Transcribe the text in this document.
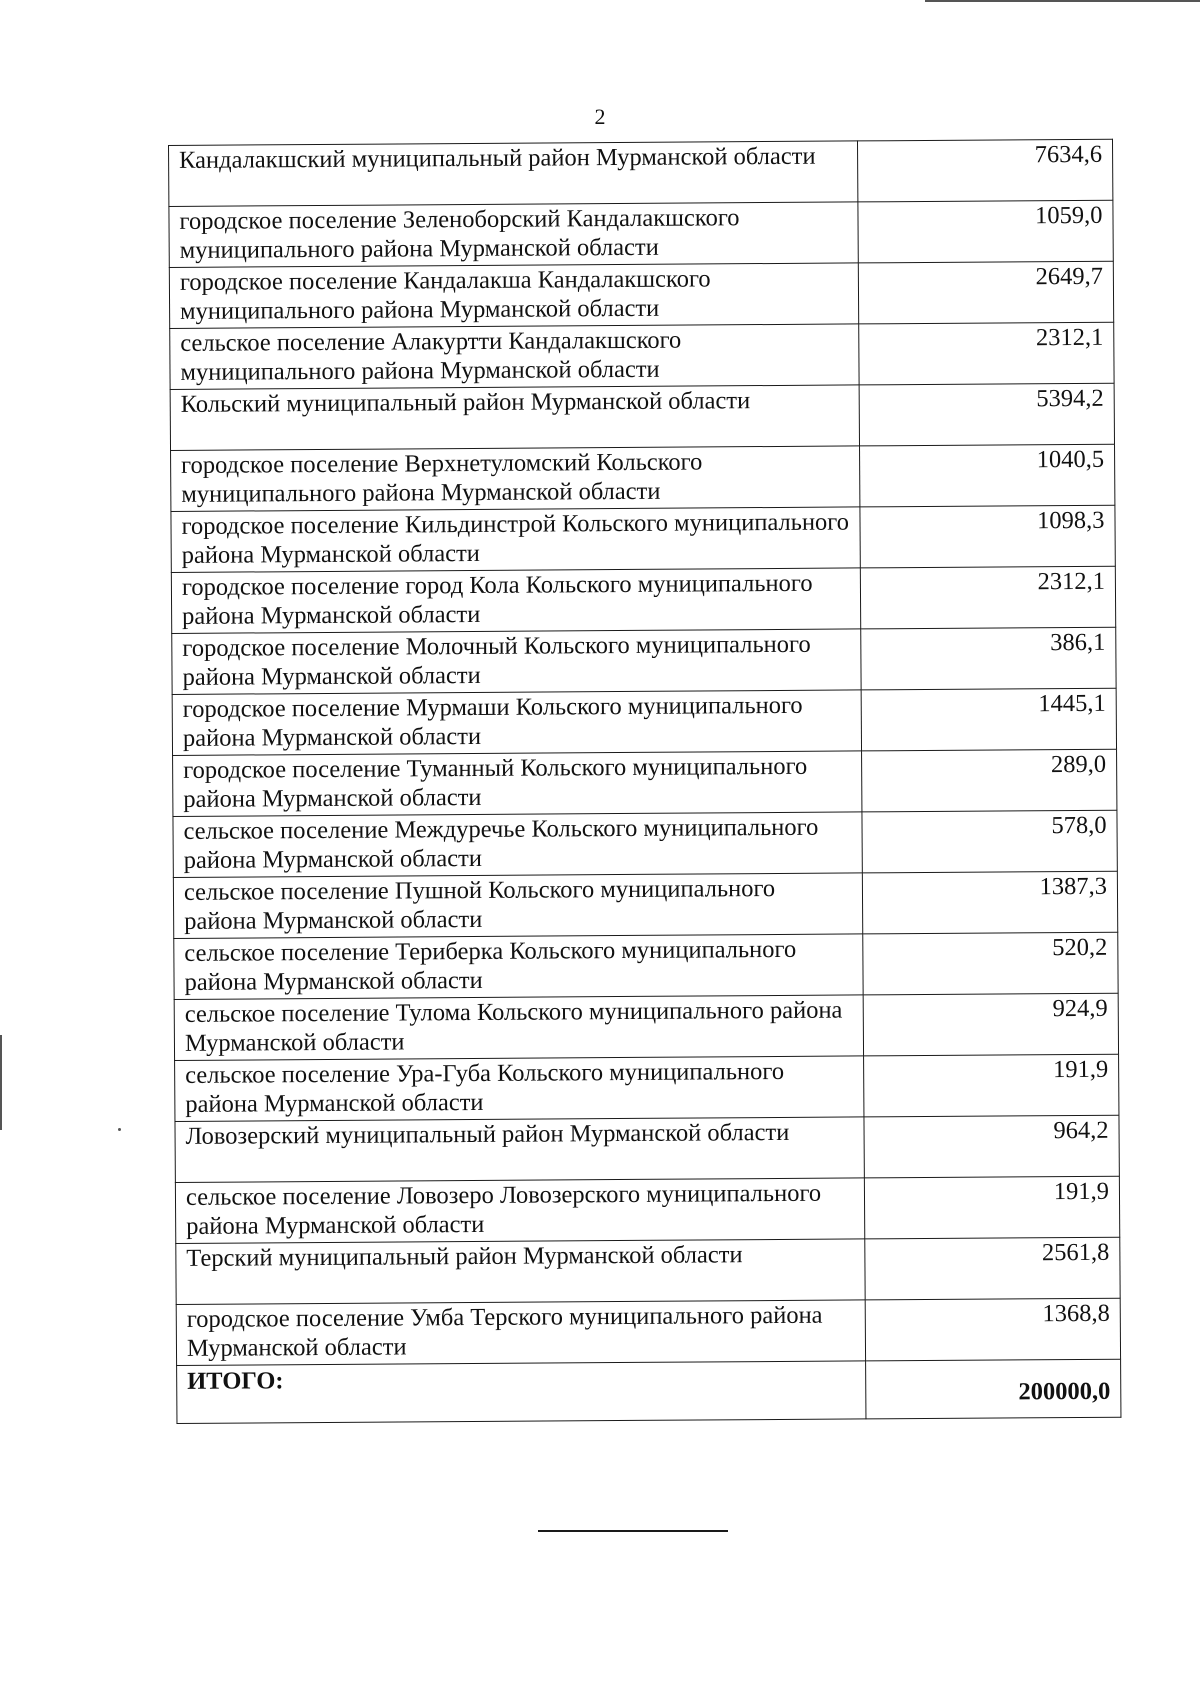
2
Кандалакшский муниципальный район Мурманской области	7634,6
городское поселение Зеленоборский Кандалакшского муниципального района Мурманской области	1059,0
городское поселение Кандалакша Кандалакшского муниципального района Мурманской области	2649,7
сельское поселение Алакуртти Кандалакшского муниципального района Мурманской области	2312,1
Кольский муниципальный район Мурманской области	5394,2
городское поселение Верхнетуломский Кольского муниципального района Мурманской области	1040,5
городское поселение Кильдинстрой Кольского муниципального района Мурманской области	1098,3
городское поселение город Кола Кольского муниципального района Мурманской области	2312,1
городское поселение Молочный Кольского муниципального района Мурманской области	386,1
городское поселение Мурмаши Кольского муниципального района Мурманской области	1445,1
городское поселение Туманный Кольского муниципального района Мурманской области	289,0
сельское поселение Междуречье Кольского муниципального района Мурманской области	578,0
сельское поселение Пушной Кольского муниципального района Мурманской области	1387,3
сельское поселение Териберка Кольского муниципального района Мурманской области	520,2
сельское поселение Тулома Кольского муниципального района Мурманской области	924,9
сельское поселение Ура-Губа Кольского муниципального района Мурманской области	191,9
Ловозерский муниципальный район Мурманской области	964,2
сельское поселение Ловозеро Ловозерского муниципального района Мурманской области	191,9
Терский муниципальный район Мурманской области	2561,8
городское поселение Умба Терского муниципального района Мурманской области	1368,8
ИТОГО:	200000,0
